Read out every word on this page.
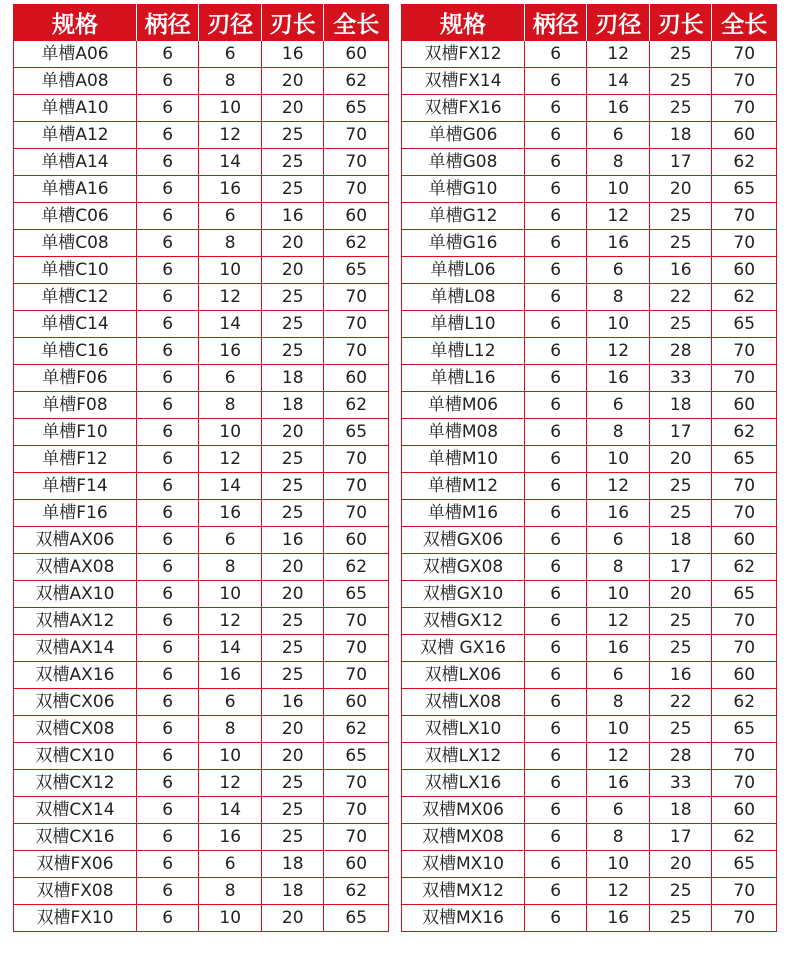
规格	柄径	刃径	刃长	全长
单槽A06	6	6	16	60
单槽A08	6	8	20	62
单槽A10	6	10	20	65
单槽A12	6	12	25	70
单槽A14	6	14	25	70
单槽A16	6	16	25	70
单槽C06	6	6	16	60
单槽C08	6	8	20	62
单槽C10	6	10	20	65
单槽C12	6	12	25	70
单槽C14	6	14	25	70
单槽C16	6	16	25	70
单槽F06	6	6	18	60
单槽F08	6	8	18	62
单槽F10	6	10	20	65
单槽F12	6	12	25	70
单槽F14	6	14	25	70
单槽F16	6	16	25	70
双槽AX06	6	6	16	60
双槽AX08	6	8	20	62
双槽AX10	6	10	20	65
双槽AX12	6	12	25	70
双槽AX14	6	14	25	70
双槽AX16	6	16	25	70
双槽CX06	6	6	16	60
双槽CX08	6	8	20	62
双槽CX10	6	10	20	65
双槽CX12	6	12	25	70
双槽CX14	6	14	25	70
双槽CX16	6	16	25	70
双槽FX06	6	6	18	60
双槽FX08	6	8	18	62
双槽FX10	6	10	20	65
规格	柄径	刃径	刃长	全长
双槽FX12	6	12	25	70
双槽FX14	6	14	25	70
双槽FX16	6	16	25	70
单槽G06	6	6	18	60
单槽G08	6	8	17	62
单槽G10	6	10	20	65
单槽G12	6	12	25	70
单槽G16	6	16	25	70
单槽L06	6	6	16	60
单槽L08	6	8	22	62
单槽L10	6	10	25	65
单槽L12	6	12	28	70
单槽L16	6	16	33	70
单槽M06	6	6	18	60
单槽M08	6	8	17	62
单槽M10	6	10	20	65
单槽M12	6	12	25	70
单槽M16	6	16	25	70
双槽GX06	6	6	18	60
双槽GX08	6	8	17	62
双槽GX10	6	10	20	65
双槽GX12	6	12	25	70
双槽 GX16	6	16	25	70
双槽LX06	6	6	16	60
双槽LX08	6	8	22	62
双槽LX10	6	10	25	65
双槽LX12	6	12	28	70
双槽LX16	6	16	33	70
双槽MX06	6	6	18	60
双槽MX08	6	8	17	62
双槽MX10	6	10	20	65
双槽MX12	6	12	25	70
双槽MX16	6	16	25	70
